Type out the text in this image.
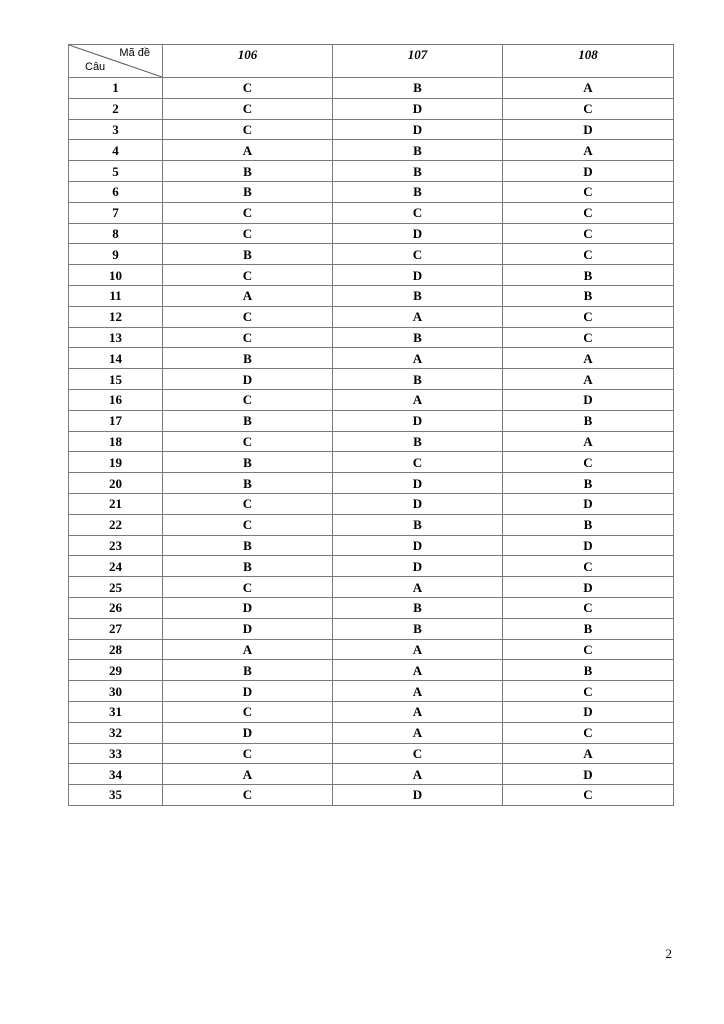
Mã đề
Câu	106	107	108
1	C	B	A
2	C	D	C
3	C	D	D
4	A	B	A
5	B	B	D
6	B	B	C
7	C	C	C
8	C	D	C
9	B	C	C
10	C	D	B
11	A	B	B
12	C	A	C
13	C	B	C
14	B	A	A
15	D	B	A
16	C	A	D
17	B	D	B
18	C	B	A
19	B	C	C
20	B	D	B
21	C	D	D
22	C	B	B
23	B	D	D
24	B	D	C
25	C	A	D
26	D	B	C
27	D	B	B
28	A	A	C
29	B	A	B
30	D	A	C
31	C	A	D
32	D	A	C
33	C	C	A
34	A	A	D
35	C	D	C
2
